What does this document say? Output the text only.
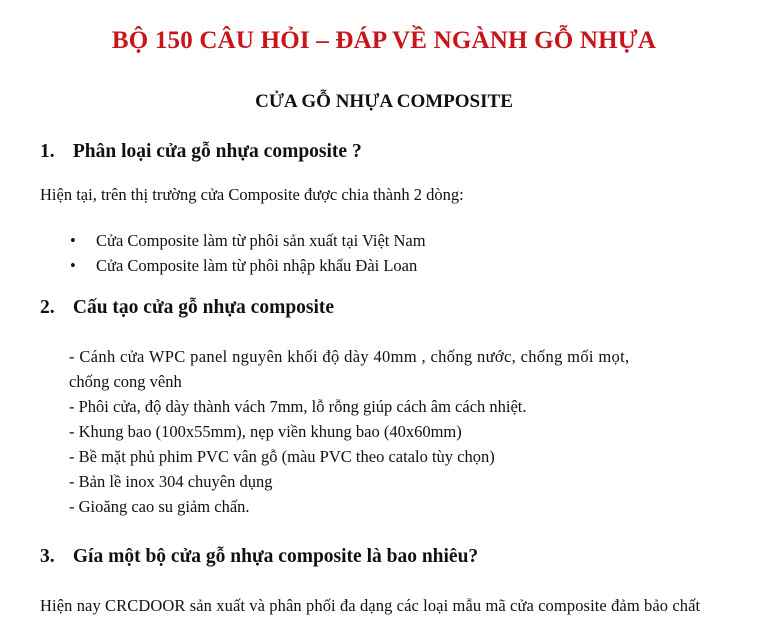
BỘ 150 CÂU HỎI – ĐÁP VỀ NGÀNH GỖ NHỰA
CỬA GỖ NHỰA COMPOSITE
1. Phân loại cửa gỗ nhựa composite ?
Hiện tại, trên thị trường cửa Composite được chia thành 2 dòng:
• Cửa Composite làm từ phôi sản xuất tại Việt Nam
• Cửa Composite làm từ phôi nhập khẩu Đài Loan
2. Cấu tạo cửa gỗ nhựa composite
- Cánh cửa WPC panel nguyên khối độ dày 40mm , chống nước, chống mối mọt,
chống cong vênh
- Phôi cửa, độ dày thành vách 7mm, lỗ rỗng giúp cách âm cách nhiệt.
- Khung bao (100x55mm), nẹp viền khung bao (40x60mm)
- Bề mặt phủ phim PVC vân gỗ (màu PVC theo catalo tùy chọn)
- Bản lề inox 304 chuyên dụng
- Gioăng cao su giảm chấn.
3. Gía một bộ cửa gỗ nhựa composite là bao nhiêu?
Hiện nay CRCDOOR sản xuất và phân phối đa dạng các loại mẫu mã cửa composite đảm bảo chất
